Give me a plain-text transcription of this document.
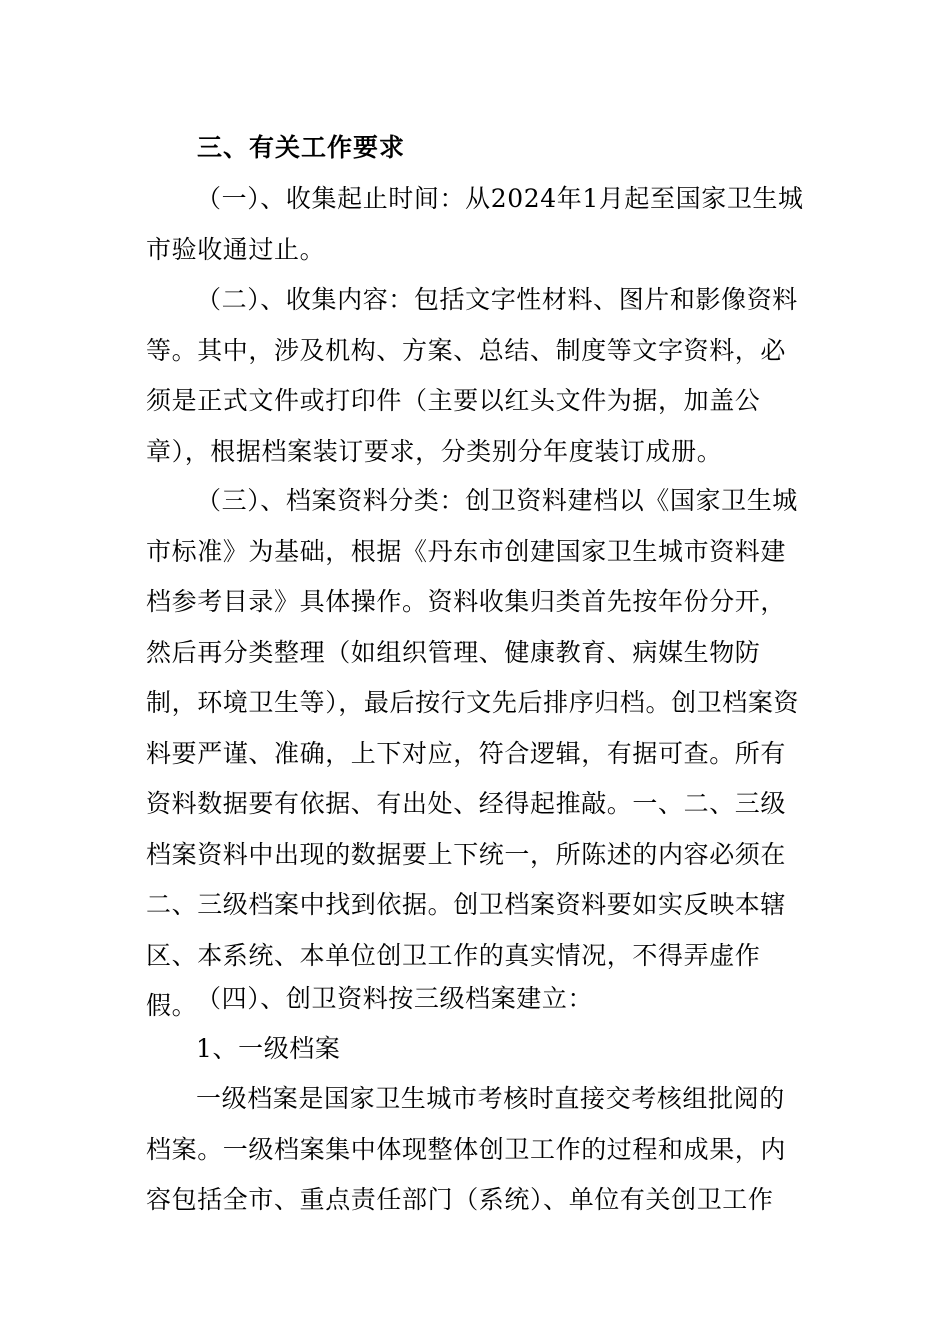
三、有关工作要求
（一）、收集起止时间：从2024年1月起至国家卫生城市验收通过止。
（二）、收集内容：包括文字性材料、图片和影像资料等。其中，涉及机构、方案、总结、制度等文字资料，必须是正式文件或打印件（主要以红头文件为据，加盖公章），根据档案装订要求，分类别分年度装订成册。
（三）、档案资料分类：创卫资料建档以《国家卫生城市标准》为基础，根据《丹东市创建国家卫生城市资料建档参考目录》具体操作。资料收集归类首先按年份分开，然后再分类整理（如组织管理、健康教育、病媒生物防制，环境卫生等），最后按行文先后排序归档。创卫档案资料要严谨、准确，上下对应，符合逻辑，有据可查。所有资料数据要有依据、有出处、经得起推敲。一、二、三级档案资料中出现的数据要上下统一，所陈述的内容必须在二、三级档案中找到依据。创卫档案资料要如实反映本辖区、本系统、本单位创卫工作的真实情况，不得弄虚作假。
（四）、创卫资料按三级档案建立：
1、一级档案
一级档案是国家卫生城市考核时直接交考核组批阅的档案。一级档案集中体现整体创卫工作的过程和成果，内容包括全市、重点责任部门（系统）、单位有关创卫工作
